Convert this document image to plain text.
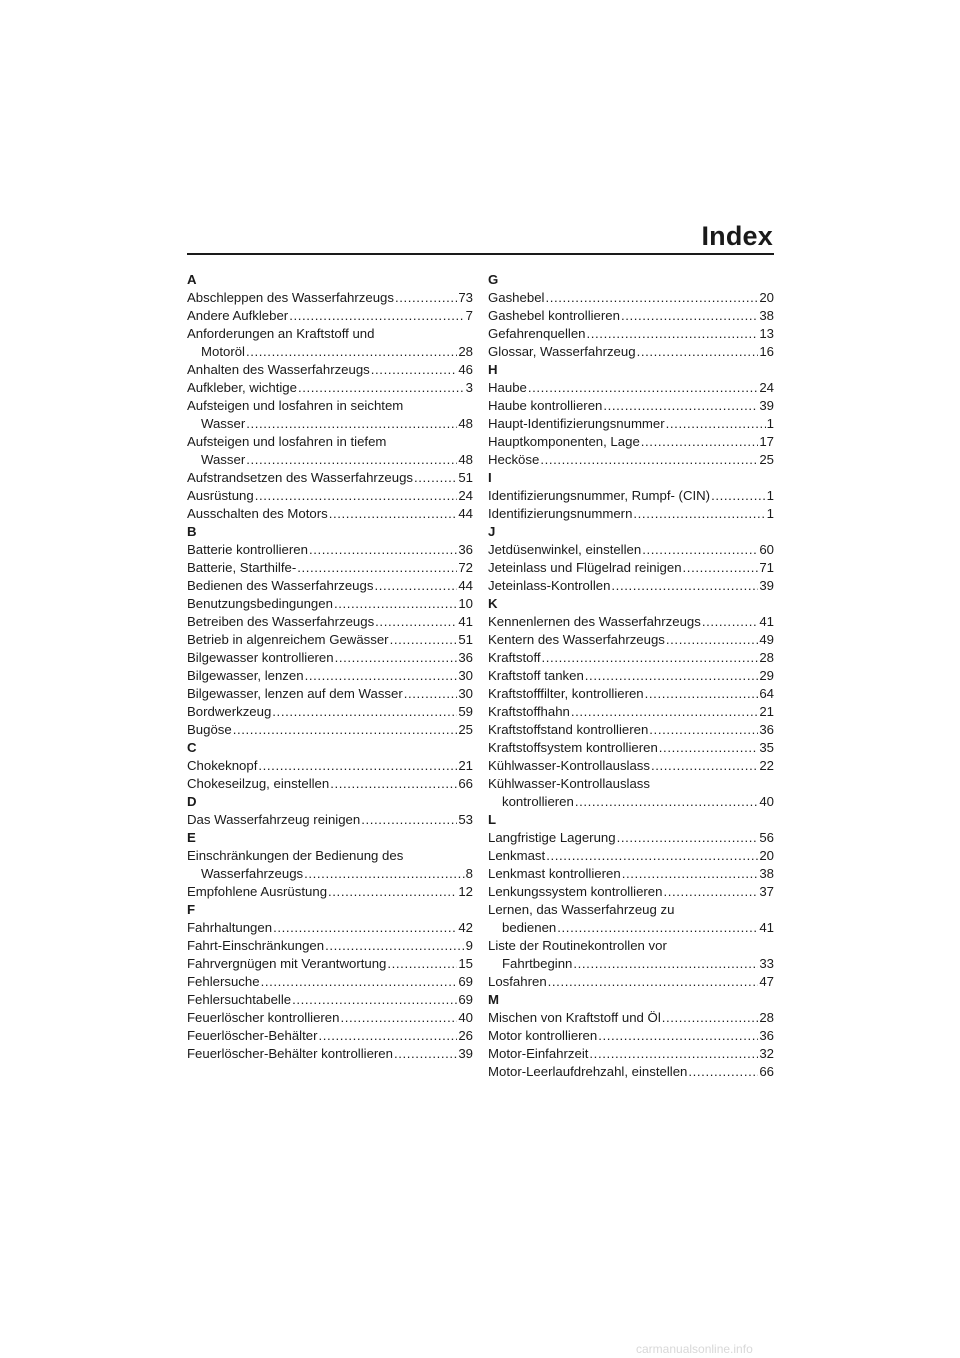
Index
A
Abschleppen des Wasserfahrzeugs .....	73
Andere Aufkleber .....	7
Anforderungen an Kraftstoff und
Motoröl .....	28
Anhalten des Wasserfahrzeugs .....	46
Aufkleber, wichtige .....	3
Aufsteigen und losfahren in seichtem
Wasser .....	48
Aufsteigen und losfahren in tiefem
Wasser .....	48
Aufstrandsetzen des Wasserfahrzeugs .....	51
Ausrüstung .....	24
Ausschalten des Motors .....	44
B
Batterie kontrollieren .....	36
Batterie, Starthilfe- .....	72
Bedienen des Wasserfahrzeugs .....	44
Benutzungsbedingungen .....	10
Betreiben des Wasserfahrzeugs .....	41
Betrieb in algenreichem Gewässer .....	51
Bilgewasser kontrollieren .....	36
Bilgewasser, lenzen .....	30
Bilgewasser, lenzen auf dem Wasser .....	30
Bordwerkzeug .....	59
Bugöse .....	25
C
Chokeknopf .....	21
Chokeseilzug, einstellen .....	66
D
Das Wasserfahrzeug reinigen .....	53
E
Einschränkungen der Bedienung des
Wasserfahrzeugs .....	8
Empfohlene Ausrüstung .....	12
F
Fahrhaltungen .....	42
Fahrt-Einschränkungen .....	9
Fahrvergnügen mit Verantwortung .....	15
Fehlersuche .....	69
Fehlersuchtabelle .....	69
Feuerlöscher kontrollieren .....	40
Feuerlöscher-Behälter .....	26
Feuerlöscher-Behälter kontrollieren .....	39
G
Gashebel .....	20
Gashebel kontrollieren .....	38
Gefahrenquellen .....	13
Glossar, Wasserfahrzeug .....	16
H
Haube .....	24
Haube kontrollieren .....	39
Haupt-Identifizierungsnummer .....	1
Hauptkomponenten, Lage .....	17
Hecköse .....	25
I
Identifizierungsnummer, Rumpf- (CIN) .....	1
Identifizierungsnummern .....	1
J
Jetdüsenwinkel, einstellen .....	60
Jeteinlass und Flügelrad reinigen .....	71
Jeteinlass-Kontrollen .....	39
K
Kennenlernen des Wasserfahrzeugs .....	41
Kentern des Wasserfahrzeugs .....	49
Kraftstoff .....	28
Kraftstoff tanken .....	29
Kraftstofffilter, kontrollieren .....	64
Kraftstoffhahn .....	21
Kraftstoffstand kontrollieren .....	36
Kraftstoffsystem kontrollieren .....	35
Kühlwasser-Kontrollauslass .....	22
Kühlwasser-Kontrollauslass
kontrollieren .....	40
L
Langfristige Lagerung .....	56
Lenkmast .....	20
Lenkmast kontrollieren .....	38
Lenkungssystem kontrollieren .....	37
Lernen, das Wasserfahrzeug zu
bedienen .....	41
Liste der Routinekontrollen vor
Fahrtbeginn .....	33
Losfahren .....	47
M
Mischen von Kraftstoff und Öl .....	28
Motor kontrollieren .....	36
Motor-Einfahrzeit .....	32
Motor-Leerlaufdrehzahl, einstellen .....	66
carmanualsonline.info
